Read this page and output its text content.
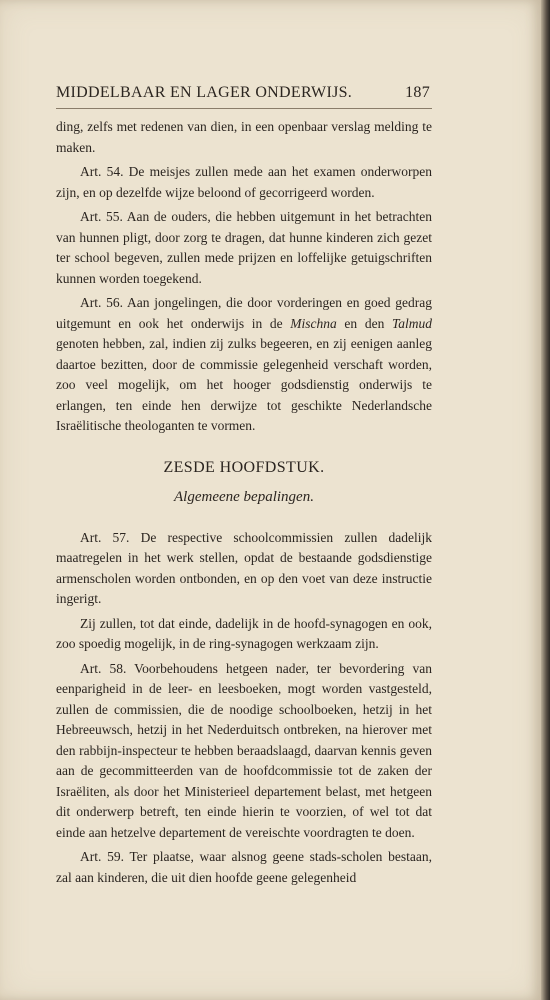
MIDDELBAAR EN LAGER ONDERWIJS.	187

ding, zelfs met redenen van dien, in een openbaar verslag melding te maken.

Art. 54. De meisjes zullen mede aan het examen onderworpen zijn, en op dezelfde wijze beloond of gecorrigeerd worden.

Art. 55. Aan de ouders, die hebben uitgemunt in het betrachten van hunnen pligt, door zorg te dragen, dat hunne kinderen zich gezet ter school begeven, zullen mede prijzen en loffelijke getuigschriften kunnen worden toegekend.

Art. 56. Aan jongelingen, die door vorderingen en goed gedrag uitgemunt en ook het onderwijs in de Mischna en den Talmud genoten hebben, zal, indien zij zulks begeeren, en zij eenigen aanleg daartoe bezitten, door de commissie gelegenheid verschaft worden, zoo veel mogelijk, om het hooger godsdienstig onderwijs te erlangen, ten einde hen derwijze tot geschikte Nederlandsche Israëlitische theologanten te vormen.

ZESDE HOOFDSTUK.
Algemeene bepalingen.

Art. 57. De respective schoolcommissien zullen dadelijk maatregelen in het werk stellen, opdat de bestaande godsdienstige armenscholen worden ontbonden, en op den voet van deze instructie ingerigt.

Zij zullen, tot dat einde, dadelijk in de hoofd-synagogen en ook, zoo spoedig mogelijk, in de ring-synagogen werkzaam zijn.

Art. 58. Voorbehoudens hetgeen nader, ter bevordering van eenparigheid in de leer- en leesboeken, mogt worden vastgesteld, zullen de commissien, die de noodige schoolboeken, hetzij in het Hebreeuwsch, hetzij in het Nederduitsch ontbreken, na hierover met den rabbijn-inspecteur te hebben beraadslaagd, daarvan kennis geven aan de gecommitteerden van de hoofdcommissie tot de zaken der Israëliten, als door het Ministerieel departement belast, met hetgeen dit onderwerp betreft, ten einde hierin te voorzien, of wel tot dat einde aan hetzelve departement de vereischte voordragten te doen.

Art. 59. Ter plaatse, waar alsnog geene stads-scholen bestaan, zal aan kinderen, die uit dien hoofde geene gelegenheid
